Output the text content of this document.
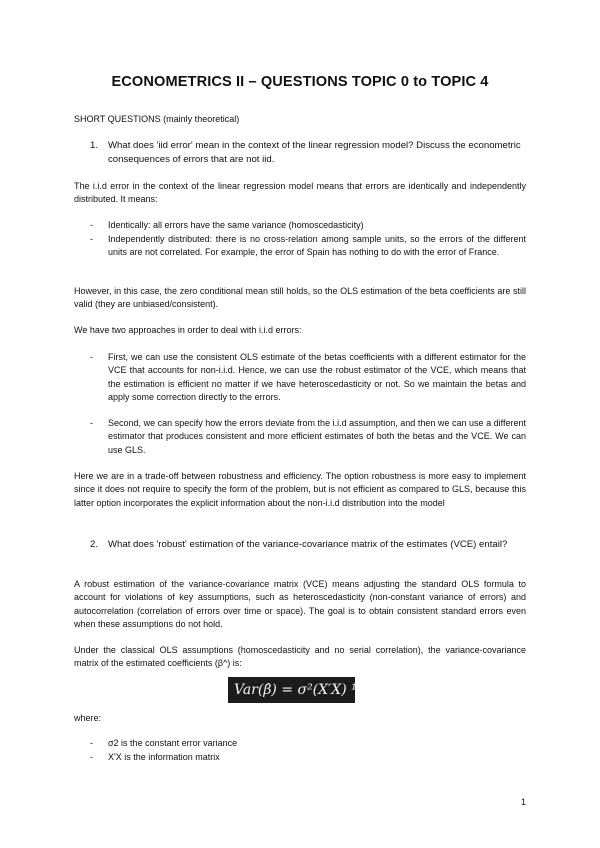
ECONOMETRICS II – QUESTIONS TOPIC 0 to TOPIC 4
SHORT QUESTIONS (mainly theoretical)
1. What does 'iid error' mean in the context of the linear regression model? Discuss the econometric consequences of errors that are not iid.
The i.i.d error in the context of the linear regression model means that errors are identically and independently distributed. It means:
- Identically: all errors have the same variance (homoscedasticity)
- Independently distributed: there is no cross-relation among sample units, so the errors of the different units are not correlated. For example, the error of Spain has nothing to do with the error of France.
However, in this case, the zero conditional mean still holds, so the OLS estimation of the beta coefficients are still valid (they are unbiased/consistent).
We have two approaches in order to deal with i.i.d errors:
- First, we can use the consistent OLS estimate of the betas coefficients with a different estimator for the VCE that accounts for non-i.i.d. Hence, we can use the robust estimator of the VCE, which means that the estimation is efficient no matter if we have heteroscedasticity or not. So we maintain the betas and apply some correction directly to the errors.
- Second, we can specify how the errors deviate from the i.i.d assumption, and then we can use a different estimator that produces consistent and more efficient estimates of both the betas and the VCE. We can use GLS.
Here we are in a trade-off between robustness and efficiency. The option robustness is more easy to implement since it does not require to specify the form of the problem, but is not efficient as compared to GLS, because this latter option incorporates the explicit information about the non-i.i.d distribution into the model
2. What does 'robust' estimation of the variance-covariance matrix of the estimates (VCE) entail?
A robust estimation of the variance-covariance matrix (VCE) means adjusting the standard OLS formula to account for violations of key assumptions, such as heteroscedasticity (non-constant variance of errors) and autocorrelation (correlation of errors over time or space). The goal is to obtain consistent standard errors even when these assumptions do not hold.
Under the classical OLS assumptions (homoscedasticity and no serial correlation), the variance-covariance matrix of the estimated coefficients (β^) is:
Var(β̂) = σ²(X′X) ¹
where:
- σ2 is the constant error variance
- X'X is the information matrix
1
